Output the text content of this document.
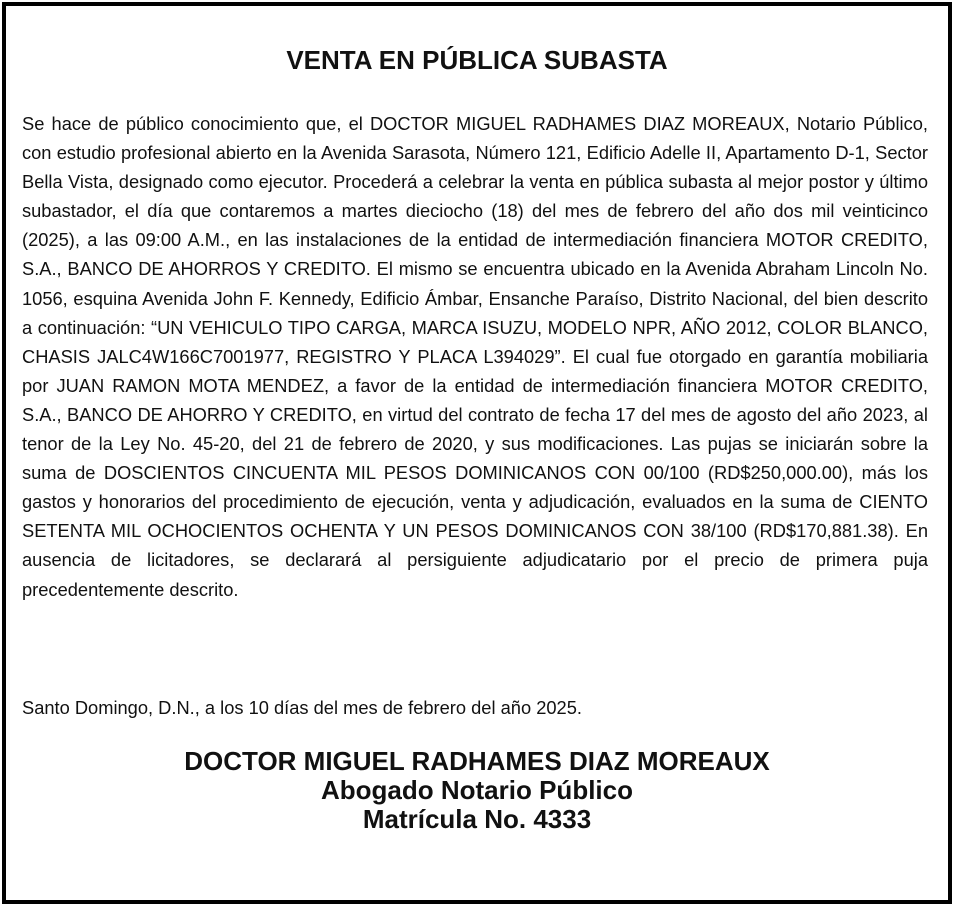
VENTA EN PÚBLICA SUBASTA

Se hace de público conocimiento que, el DOCTOR MIGUEL RADHAMES DIAZ MOREAUX, Notario Público, con estudio profesional abierto en la Avenida Sarasota, Número 121, Edificio Adelle II, Apartamento D-1, Sector Bella Vista, designado como ejecutor. Procederá a celebrar la venta en pública subasta al mejor postor y último subastador, el día que contaremos a martes dieciocho (18) del mes de febrero del año dos mil veinticinco (2025), a las 09:00 A.M., en las instalaciones de la entidad de intermediación financiera MOTOR CREDITO, S.A., BANCO DE AHORROS Y CREDITO. El mismo se encuentra ubicado en la Avenida Abraham Lincoln No. 1056, esquina Avenida John F. Kennedy, Edificio Ámbar, Ensanche Paraíso, Distrito Nacional, del bien descrito a continuación: “UN VEHICULO TIPO CARGA, MARCA ISUZU, MODELO NPR, AÑO 2012, COLOR BLANCO, CHASIS JALC4W166C7001977, REGISTRO Y PLACA L394029”. El cual fue otorgado en garantía mobiliaria por JUAN RAMON MOTA MENDEZ, a favor de la entidad de intermediación financiera MOTOR CREDITO, S.A., BANCO DE AHORRO Y CREDITO, en virtud del contrato de fecha 17 del mes de agosto del año 2023, al tenor de la Ley No. 45-20, del 21 de febrero de 2020, y sus modificaciones. Las pujas se iniciarán sobre la suma de DOSCIENTOS CINCUENTA MIL PESOS DOMINICANOS CON 00/100 (RD$250,000.00), más los gastos y honorarios del procedimiento de ejecución, venta y adjudicación, evaluados en la suma de CIENTO SETENTA MIL OCHOCIENTOS OCHENTA Y UN PESOS DOMINICANOS CON 38/100 (RD$170,881.38). En ausencia de licitadores, se declarará al persiguiente adjudicatario por el precio de primera puja precedentemente descrito.

Santo Domingo, D.N., a los 10 días del mes de febrero del año 2025.

DOCTOR MIGUEL RADHAMES DIAZ MOREAUX
Abogado Notario Público
Matrícula No. 4333
